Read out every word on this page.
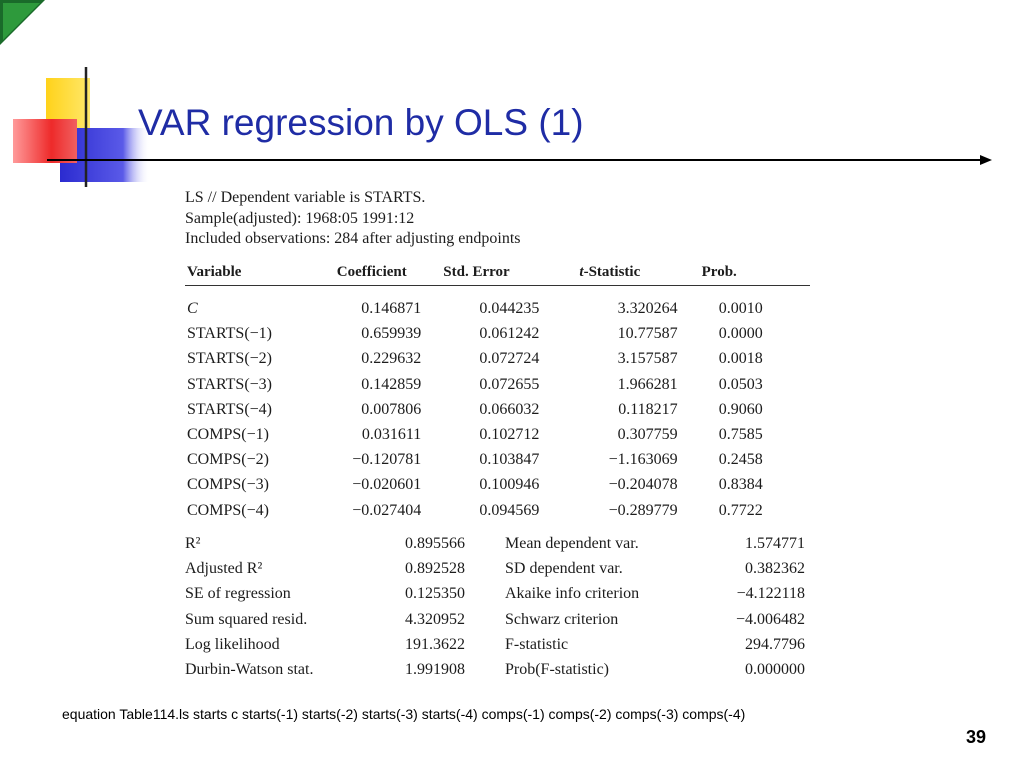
VAR regression by OLS (1)

LS // Dependent variable is STARTS.

Sample(adjusted): 1968:05 1991:12

Included observations: 284 after adjusting endpoints

Variable	Coefficient	Std. Error	t-Statistic	Prob.	
C	0.146871	0.044235	3.320264	0.0010	
STARTS(−1)	0.659939	0.061242	10.77587	0.0000	
STARTS(−2)	0.229632	0.072724	3.157587	0.0018	
STARTS(−3)	0.142859	0.072655	1.966281	0.0503	
STARTS(−4)	0.007806	0.066032	0.118217	0.9060	
COMPS(−1)	0.031611	0.102712	0.307759	0.7585	
COMPS(−2)	−0.120781	0.103847	−1.163069	0.2458	
COMPS(−3)	−0.020601	0.100946	−0.204078	0.8384	
COMPS(−4)	−0.027404	0.094569	−0.289779	0.7722	
R²	0.895566		Mean dependent var.	1.574771
Adjusted R²	0.892528		SD dependent var.	0.382362
SE of regression	0.125350		Akaike info criterion	−4.122118
Sum squared resid.	4.320952		Schwarz criterion	−4.006482
Log likelihood	191.3622		F-statistic	294.7796
Durbin-Watson stat.	1.991908		Prob(F-statistic)	0.000000
equation Table114.ls starts c starts(-1) starts(-2) starts(-3) starts(-4) comps(-1) comps(-2) comps(-3) comps(-4)
39
